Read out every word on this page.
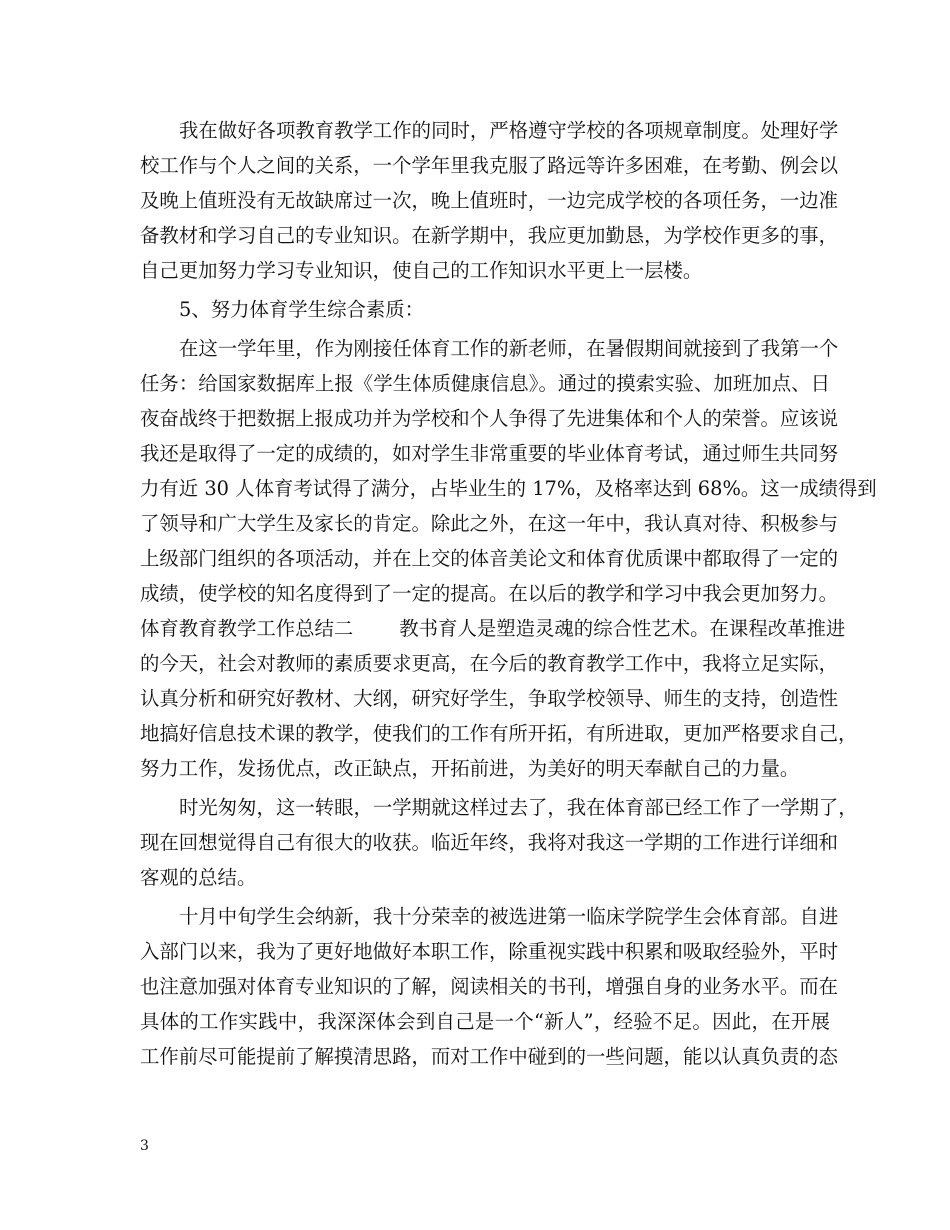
我在做好各项教育教学工作的同时，严格遵守学校的各项规章制度。处理好学
校工作与个人之间的关系，一个学年里我克服了路远等许多困难，在考勤、例会以
及晚上值班没有无故缺席过一次，晚上值班时，一边完成学校的各项任务，一边准
备教材和学习自己的专业知识。在新学期中，我应更加勤恳，为学校作更多的事，
自己更加努力学习专业知识，使自己的工作知识水平更上一层楼。
5、努力体育学生综合素质：
在这一学年里，作为刚接任体育工作的新老师，在暑假期间就接到了我第一个
任务：给国家数据库上报《学生体质健康信息》。通过的摸索实验、加班加点、日
夜奋战终于把数据上报成功并为学校和个人争得了先进集体和个人的荣誉。应该说
我还是取得了一定的成绩的，如对学生非常重要的毕业体育考试，通过师生共同努
力有近 30 人体育考试得了满分，占毕业生的 17%，及格率达到 68%。这一成绩得到
了领导和广大学生及家长的肯定。除此之外，在这一年中，我认真对待、积极参与
上级部门组织的各项活动，并在上交的体音美论文和体育优质课中都取得了一定的
成绩，使学校的知名度得到了一定的提高。在以后的教学和学习中我会更加努力。
体育教育教学工作总结二 教书育人是塑造灵魂的综合性艺术。在课程改革推进
的今天，社会对教师的素质要求更高，在今后的教育教学工作中，我将立足实际，
认真分析和研究好教材、大纲，研究好学生，争取学校领导、师生的支持，创造性
地搞好信息技术课的教学，使我们的工作有所开拓，有所进取，更加严格要求自己，
努力工作，发扬优点，改正缺点，开拓前进，为美好的明天奉献自己的力量。
时光匆匆，这一转眼，一学期就这样过去了，我在体育部已经工作了一学期了，
现在回想觉得自己有很大的收获。临近年终，我将对我这一学期的工作进行详细和
客观的总结。
十月中旬学生会纳新，我十分荣幸的被选进第一临床学院学生会体育部。自进
入部门以来，我为了更好地做好本职工作，除重视实践中积累和吸取经验外，平时
也注意加强对体育专业知识的了解，阅读相关的书刊，增强自身的业务水平。而在
具体的工作实践中，我深深体会到自己是一个“新人”，经验不足。因此，在开展
工作前尽可能提前了解摸清思路，而对工作中碰到的一些问题，能以认真负责的态
3
